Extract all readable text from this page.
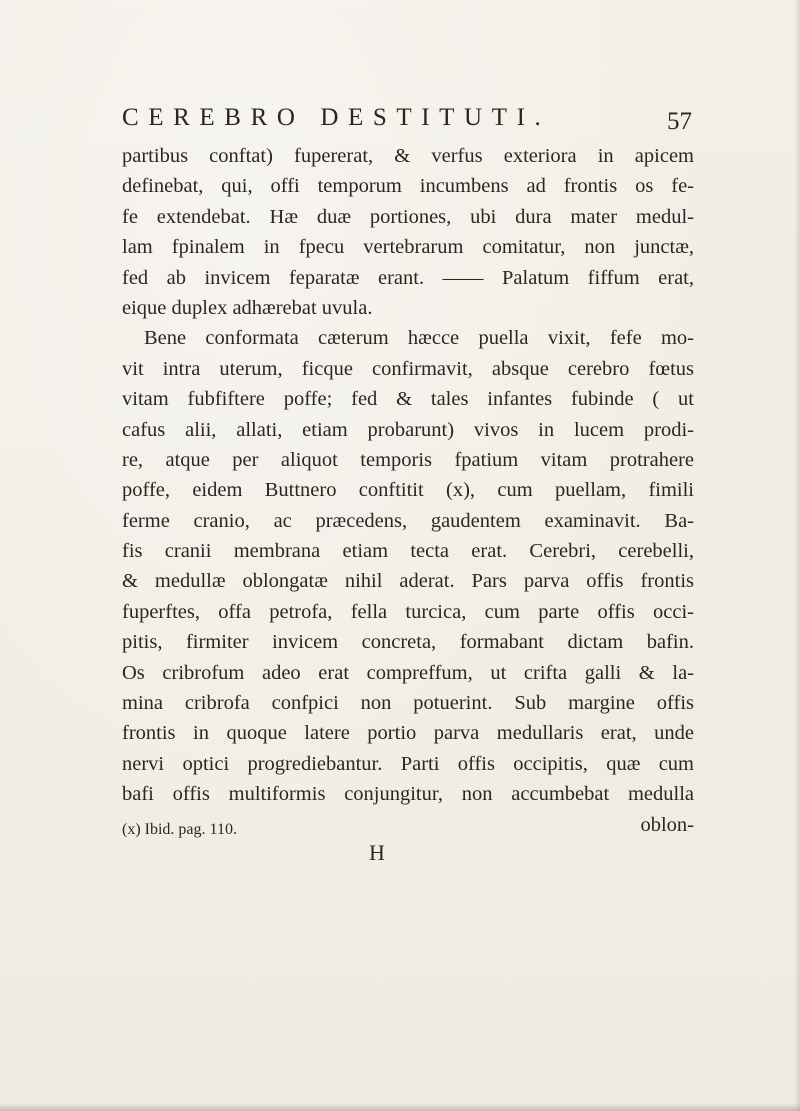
CEREBRO DESTITUTI.	57
partibus conftat) fupererat, & verfus exteriora in apicem
definebat, qui, offi temporum incumbens ad frontis os fe-
fe extendebat. Hæ duæ portiones, ubi dura mater medul-
lam fpinalem in fpecu vertebrarum comitatur, non junctæ,
fed ab invicem feparatæ erant. —— Palatum fiffum erat,
eique duplex adhærebat uvula.
Bene conformata cæterum hæcce puella vixit, fefe mo-
vit intra uterum, ficque confirmavit, absque cerebro fœtus
vitam fubfiftere poffe; fed & tales infantes fubinde ( ut
cafus alii, allati, etiam probarunt) vivos in lucem prodi-
re, atque per aliquot temporis fpatium vitam protrahere
poffe, eidem Buttnero conftitit (x), cum puellam, fimili
ferme cranio, ac præcedens, gaudentem examinavit. Ba-
fis cranii membrana etiam tecta erat. Cerebri, cerebelli,
& medullæ oblongatæ nihil aderat. Pars parva offis frontis
fuperftes, offa petrofa, fella turcica, cum parte offis occi-
pitis, firmiter invicem concreta, formabant dictam bafin.
Os cribrofum adeo erat compreffum, ut crifta galli & la-
mina cribrofa confpici non potuerint. Sub margine offis
frontis in quoque latere portio parva medullaris erat, unde
nervi optici progrediebantur. Parti offis occipitis, quæ cum
bafi offis multiformis conjungitur, non accumbebat medulla
oblon-
(x) Ibid. pag. 110.
H
